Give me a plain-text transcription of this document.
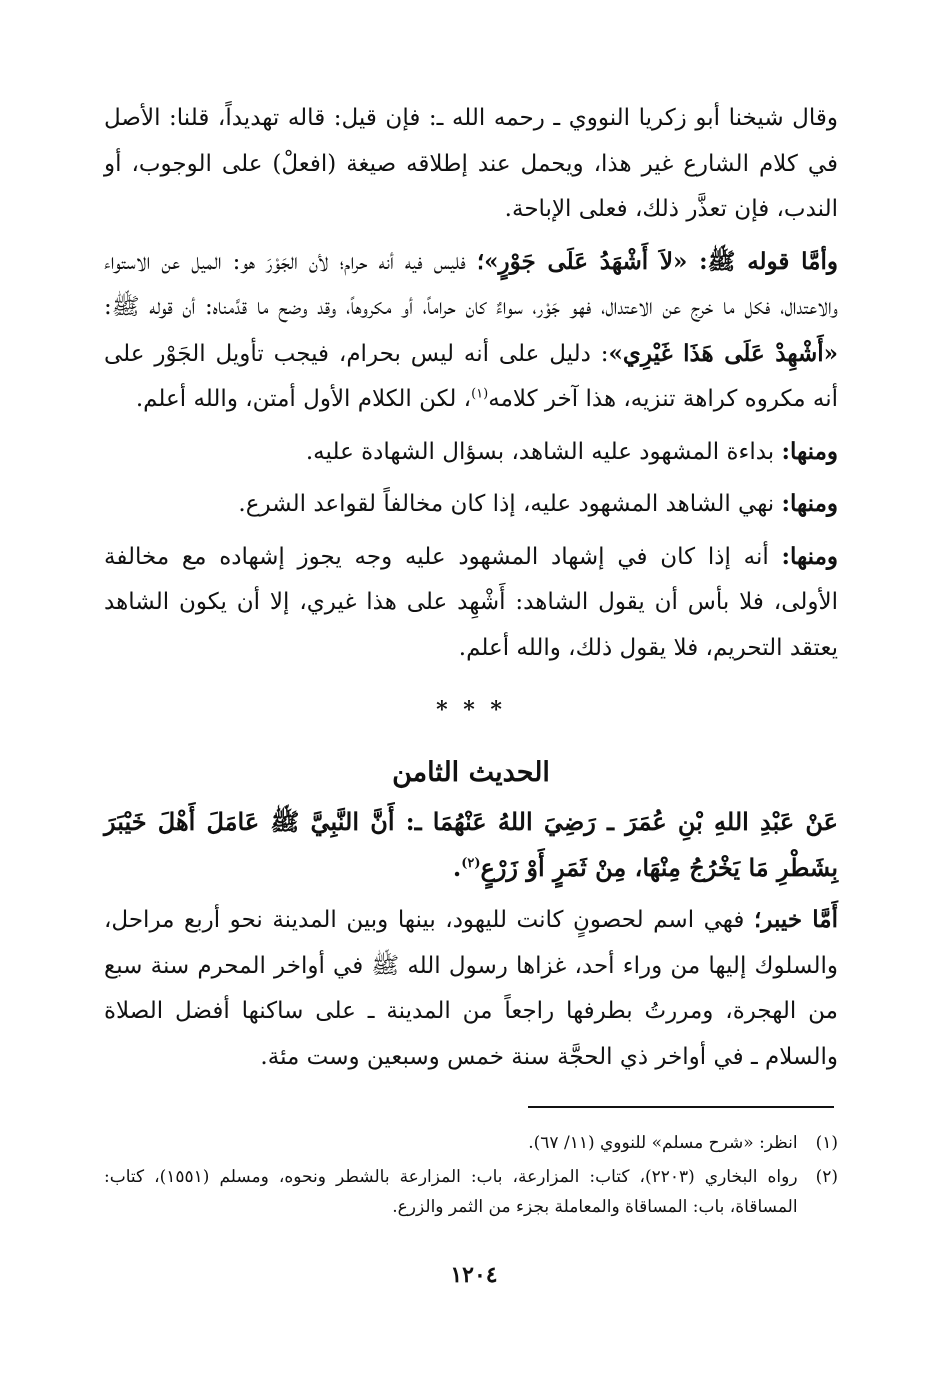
وقال شيخنا أبو زكريا النووي ـ رحمه الله ـ: فإن قيل: قاله تهديداً، قلنا: الأصل في كلام الشارع غير هذا، ويحمل عند إطلاقه صيغة (افعلْ) على الوجوب، أو الندب، فإن تعذَّر ذلك، فعلى الإباحة.

وأمَّا قوله ﷺ: «لاَ أَشْهَدُ عَلَى جَوْرٍ»؛ فليس فيه أنه حرام؛ لأن الجَوْرَ هو: الميل عن الاستواء والاعتدال، فكل ما خرج عن الاعتدال، فهو جَوْر، سواءٌ كان حراماً، أو مكروهاً، وقد وضح ما قدَّمناه: أن قوله ﷺ: «أَشْهِدْ عَلَى هَذَا غَيْرِي»: دليل على أنه ليس بحرام، فيجب تأويل الجَوْر على أنه مكروه كراهة تنزيه، هذا آخر كلامه$^{(١)}$، لكن الكلام الأول أمتن، والله أعلم.

ومنها: بداءة المشهود عليه الشاهد، بسؤال الشهادة عليه.

ومنها: نهي الشاهد المشهود عليه، إذا كان مخالفاً لقواعد الشرع.

ومنها: أنه إذا كان في إشهاد المشهود عليه وجه يجوز إشهاده مع مخالفة الأولى، فلا بأس أن يقول الشاهد: أَشْهِد على هذا غيري، إلا أن يكون الشاهد يعتقد التحريم، فلا يقول ذلك، والله أعلم.

* * *
الحديث الثامن

عَنْ عَبْدِ اللهِ بْنِ عُمَرَ ـ رَضِيَ اللهُ عَنْهُمَا ـ: أَنَّ النَّبِيَّ ﷺ عَامَلَ أَهْلَ خَيْبَرَ بِشَطْرِ مَا يَخْرُجُ مِنْهَا، مِنْ ثَمَرٍ أَوْ زَرْعٍ$^{(٢)}$.

أَمَّا خيبر؛ فهي اسم لحصونٍ كانت لليهود، بينها وبين المدينة نحو أربع مراحل، والسلوك إليها من وراء أحد، غزاها رسول الله ﷺ في أواخر المحرم سنة سبع من الهجرة، ومررتُ بطرفها راجعاً من المدينة ـ على ساكنها أفضل الصلاة والسلام ـ في أواخر ذي الحجَّة سنة خمس وسبعين وست مئة.

(١)
انظر: «شرح مسلم» للنووي (١١/ ٦٧).
(٢)
رواه البخاري (٢٢٠٣)، كتاب: المزارعة، باب: المزارعة بالشطر ونحوه، ومسلم (١٥٥١)، كتاب: المساقاة، باب: المساقاة والمعاملة بجزء من الثمر والزرع.
١٢٠٤
